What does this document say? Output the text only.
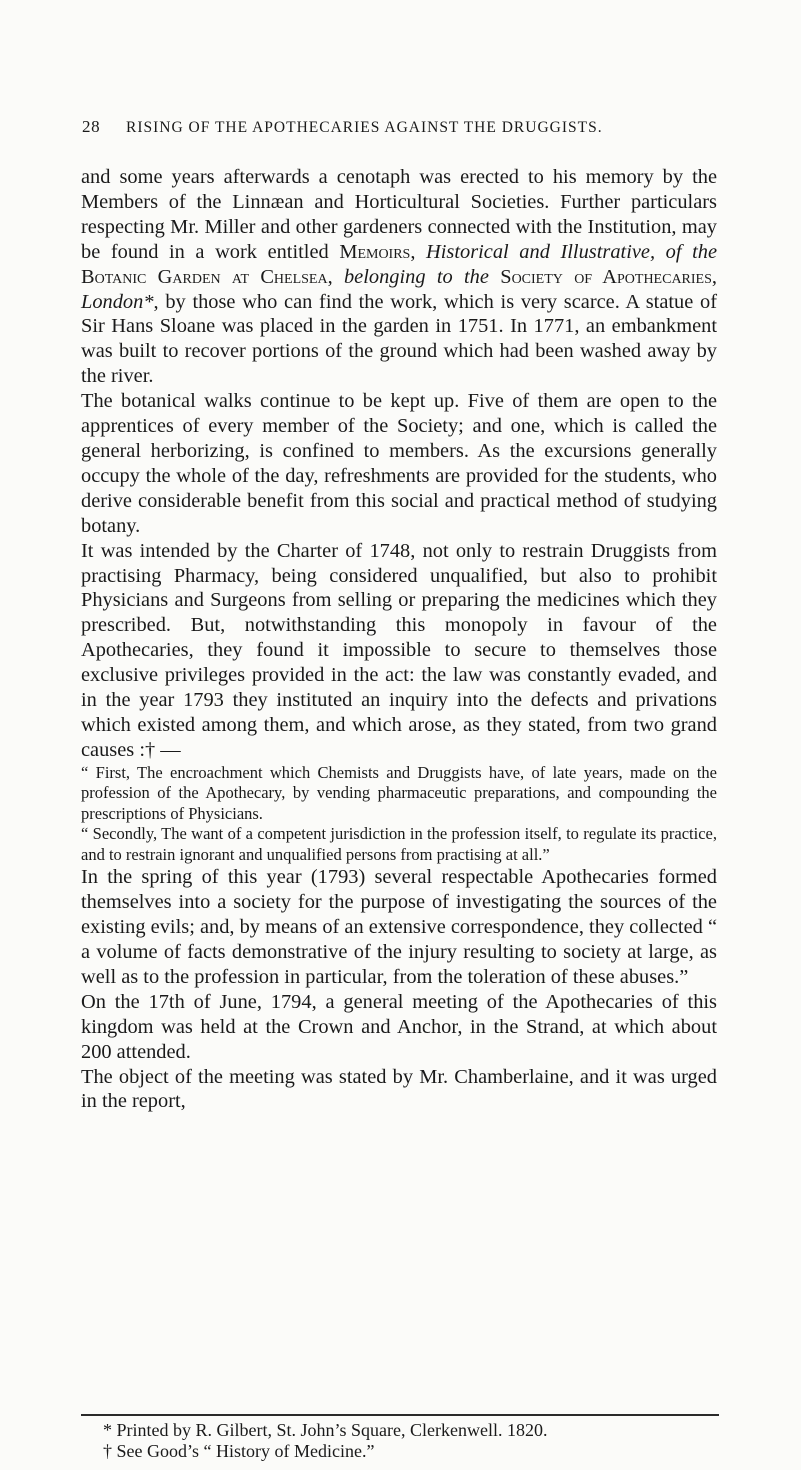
28 RISING OF THE APOTHECARIES AGAINST THE DRUGGISTS.

and some years afterwards a cenotaph was erected to his memory by the Members of the Linnæan and Horticultural Societies. Further particulars respecting Mr. Miller and other gardeners connected with the Institution, may be found in a work entitled Memoirs, Historical and Illustrative, of the Botanic Garden at Chelsea, belonging to the Society of Apothecaries, London*, by those who can find the work, which is very scarce. A statue of Sir Hans Sloane was placed in the garden in 1751. In 1771, an embankment was built to recover portions of the ground which had been washed away by the river.

The botanical walks continue to be kept up. Five of them are open to the apprentices of every member of the Society; and one, which is called the general herborizing, is confined to members. As the excursions generally occupy the whole of the day, refreshments are provided for the students, who derive considerable benefit from this social and practical method of studying botany.

It was intended by the Charter of 1748, not only to restrain Druggists from practising Pharmacy, being considered unqualified, but also to prohibit Physicians and Surgeons from selling or preparing the medicines which they prescribed. But, notwithstanding this monopoly in favour of the Apothecaries, they found it impossible to secure to themselves those exclusive privileges provided in the act: the law was constantly evaded, and in the year 1793 they instituted an inquiry into the defects and privations which existed among them, and which arose, as they stated, from two grand causes :† —

“ First, The encroachment which Chemists and Druggists have, of late years, made on the profession of the Apothecary, by vending pharmaceutic preparations, and compounding the prescriptions of Physicians.

“ Secondly, The want of a competent jurisdiction in the profession itself, to regulate its practice, and to restrain ignorant and unqualified persons from practising at all.”

In the spring of this year (1793) several respectable Apothecaries formed themselves into a society for the purpose of investigating the sources of the existing evils; and, by means of an extensive correspondence, they collected “ a volume of facts demonstrative of the injury resulting to society at large, as well as to the profession in particular, from the toleration of these abuses.”

On the 17th of June, 1794, a general meeting of the Apothecaries of this kingdom was held at the Crown and Anchor, in the Strand, at which about 200 attended.

The object of the meeting was stated by Mr. Chamberlaine, and it was urged in the report,

* Printed by R. Gilbert, St. John’s Square, Clerkenwell. 1820.
† See Good’s “ History of Medicine.”
